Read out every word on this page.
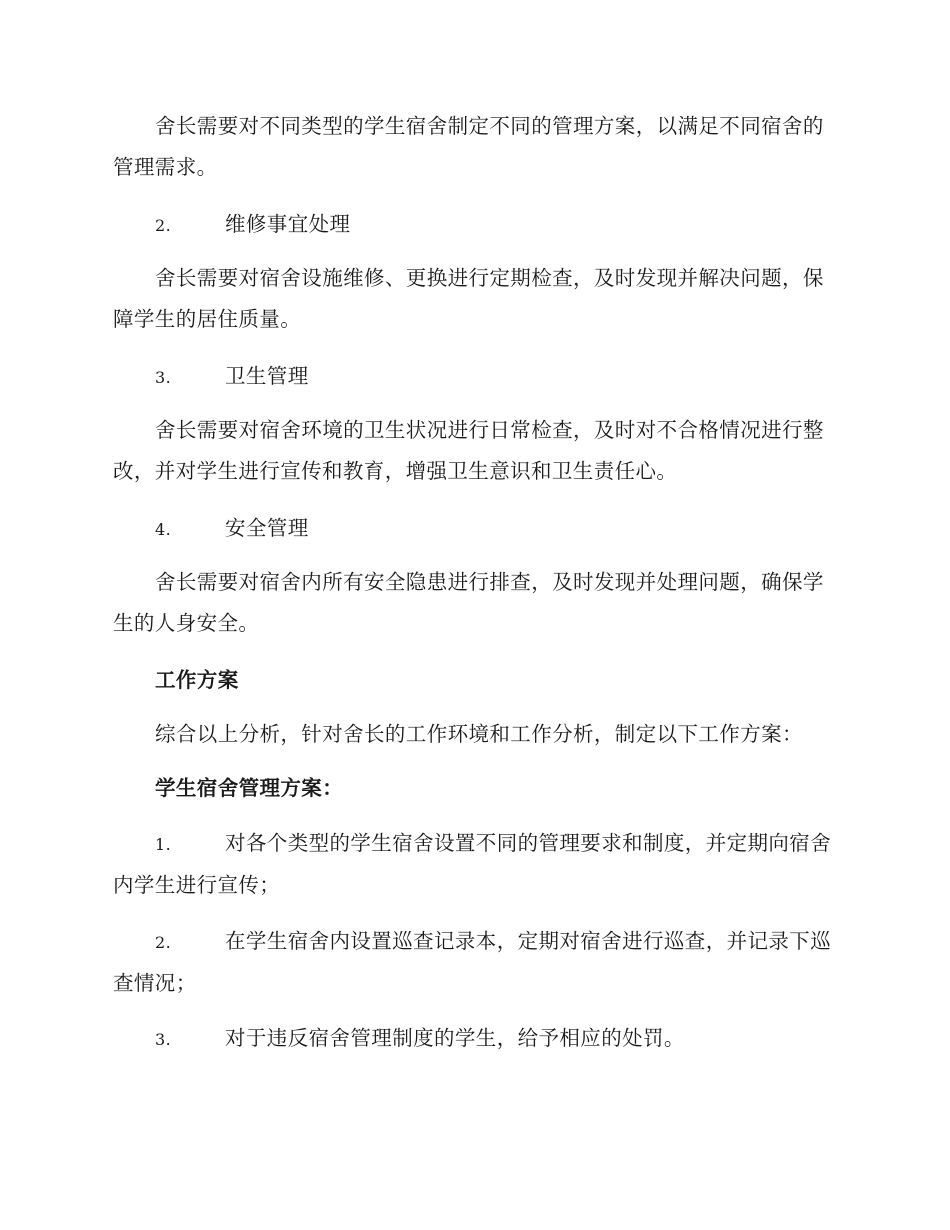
舍长需要对不同类型的学生宿舍制定不同的管理方案，以满足不同宿舍的管理需求。

2.	维修事宜处理

舍长需要对宿舍设施维修、更换进行定期检查，及时发现并解决问题，保障学生的居住质量。

3.	卫生管理

舍长需要对宿舍环境的卫生状况进行日常检查，及时对不合格情况进行整改，并对学生进行宣传和教育，增强卫生意识和卫生责任心。

4.	安全管理

舍长需要对宿舍内所有安全隐患进行排查，及时发现并处理问题，确保学生的人身安全。

工作方案

综合以上分析，针对舍长的工作环境和工作分析，制定以下工作方案：

学生宿舍管理方案：

1.	对各个类型的学生宿舍设置不同的管理要求和制度，并定期向宿舍内学生进行宣传；

2.	在学生宿舍内设置巡查记录本，定期对宿舍进行巡查，并记录下巡查情况；

3.	对于违反宿舍管理制度的学生，给予相应的处罚。
